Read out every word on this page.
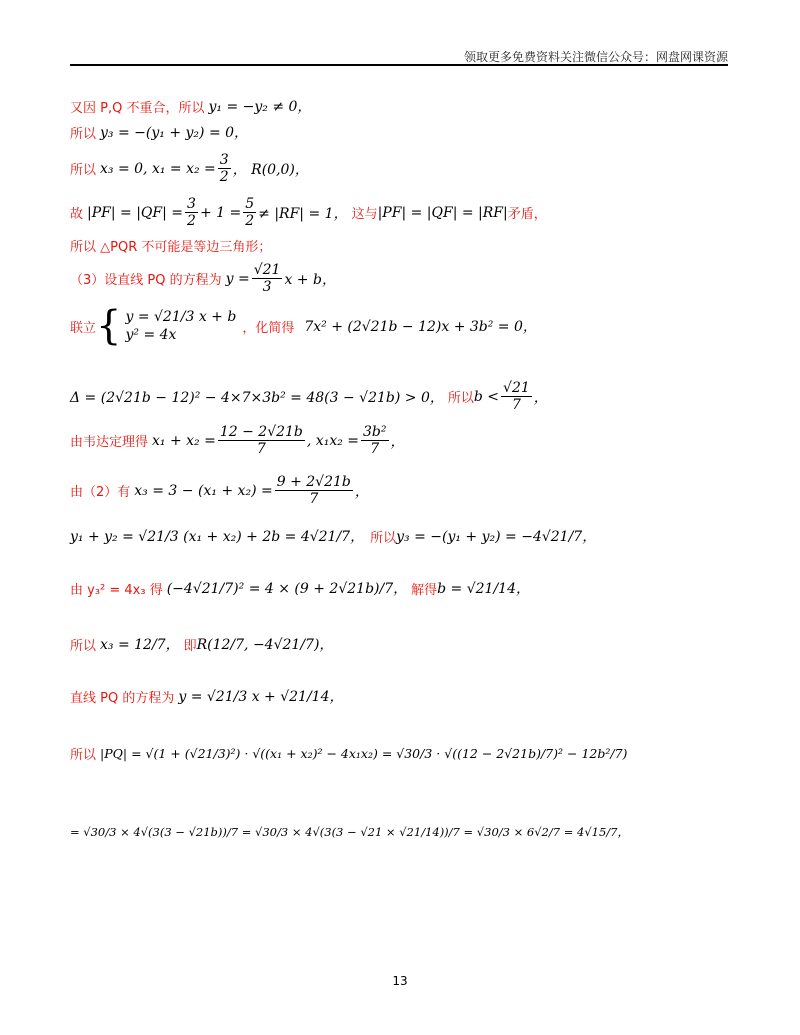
领取更多免费资料关注微信公众号：网盘网课资源
又因 P,Q 不重合，所以 y₁ = −y₂ ≠ 0，
所以 y₃ = −(y₁ + y₂) = 0，
所以 x₃ = 0, $x_1 = x_2 = \frac{3}{2}$ ， R(0,0)，
故 $|PF| = |QF| = \frac{3}{2} + 1 = \frac{5}{2} \ne |RF| = 1$， 这与 |PF| = |QF| = |RF| 矛盾，
所以 △PQR 不可能是等边三角形；
（3）设直线 PQ 的方程为 $y = \frac{√21}{3}$ x + b，
联立 { y = √21/3 x + b
y² = 4x	，化简得 7x² + (2√21b − 12)x + 3b² = 0，
Δ = (2√21b − 12)² − 4×7×3b² = 48(3 − √21b) > 0， 所以 $b < \frac{√21}{7}$ ，
由韦达定理得 $x_1 + x_2 = \frac{12 - 2√21b}{7}$ , $x_1x_2 = \frac{\text{3b²}}{7}$ ，
由（2）有 $x_3 = 3 - (x_1 + x_2) = \frac{9 + 2√21b}{7}$ ，
y₁ + y₂ = √21/3 (x₁ + x₂) + 2b = 4√21/7， 所以 y₃ = −(y₁ + y₂) = −4√21/7，
由 y₃² = 4x₃ 得 (−4√21/7)² = 4 × (9 + 2√21b)/7， 解得 b = √21/14，
所以 x₃ = 12/7， 即 R(12/7, −4√21/7)，
直线 PQ 的方程为 y = √21/3 x + √21/14，
所以 |PQ| = √(1 + (√21/3)²) · √((x₁ + x₂)² − 4x₁x₂) = √30/3 · √((12 − 2√21b)/7)² − 12b²/7)
= √30/3 × 4√(3(3 − √21b))/7 = √30/3 × 4√(3(3 − √21 × √21/14))/7 = √30/3 × 6√2/7 = 4√15/7，
13
